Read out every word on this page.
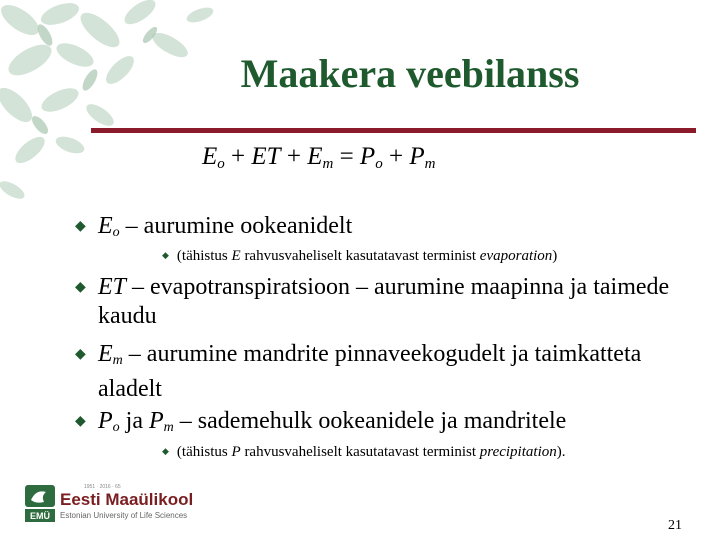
Maakera veebilanss
$E_o$ + ET + $E_m = P_o + P_m$
◆ $E_o$ – aurumine ookeanidelt
◆ (tähistus E rahvusvaheliselt kasutatavast terminist evaporation)
◆ ET – evapotranspiratsioon – aurumine maapinna ja taimede kaudu
◆ $E_m$ – aurumine mandrite pinnaveekogudelt ja taimkatteta aladelt
◆ $P_o$ ja $P_m$ – sademehulk ookeanidele ja mandritele
◆ (tähistus P rahvusvaheliselt kasutatavast terminist precipitation).
EMÜ
1951 · 2016 · 65
Eesti Maaülikool
Estonian University of Life Sciences
21
